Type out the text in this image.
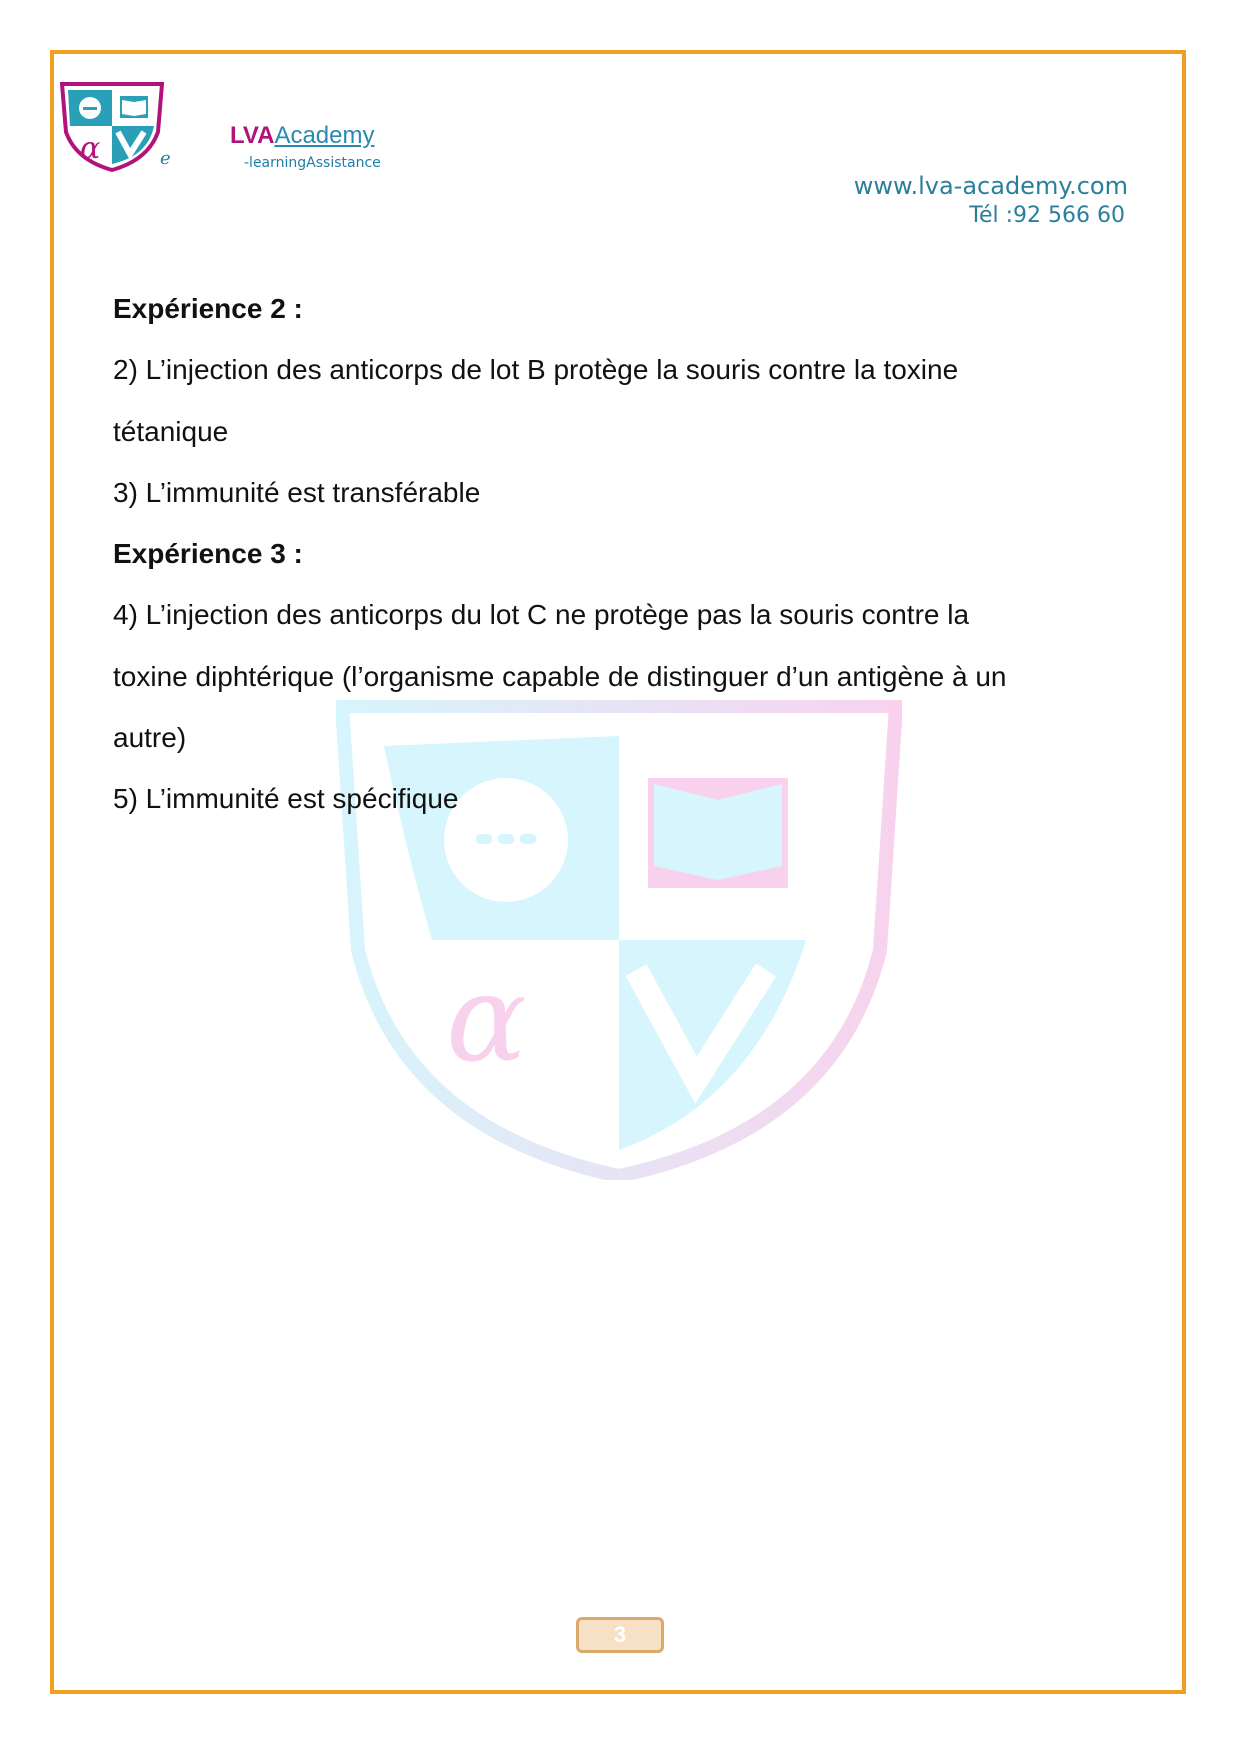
α	e
LVAAcademy
-learningAssistance
www.lva-academy.com
Tél :92 566 60
α

Expérience 2 :

2) L’injection des anticorps de lot B protège la souris contre la toxine

tétanique

3) L’immunité est transférable

Expérience 3 :

4) L’injection des anticorps du lot C ne protège pas la souris contre la

toxine diphtérique (l’organisme capable de distinguer d’un antigène à un

autre)

5) L’immunité est spécifique

3
